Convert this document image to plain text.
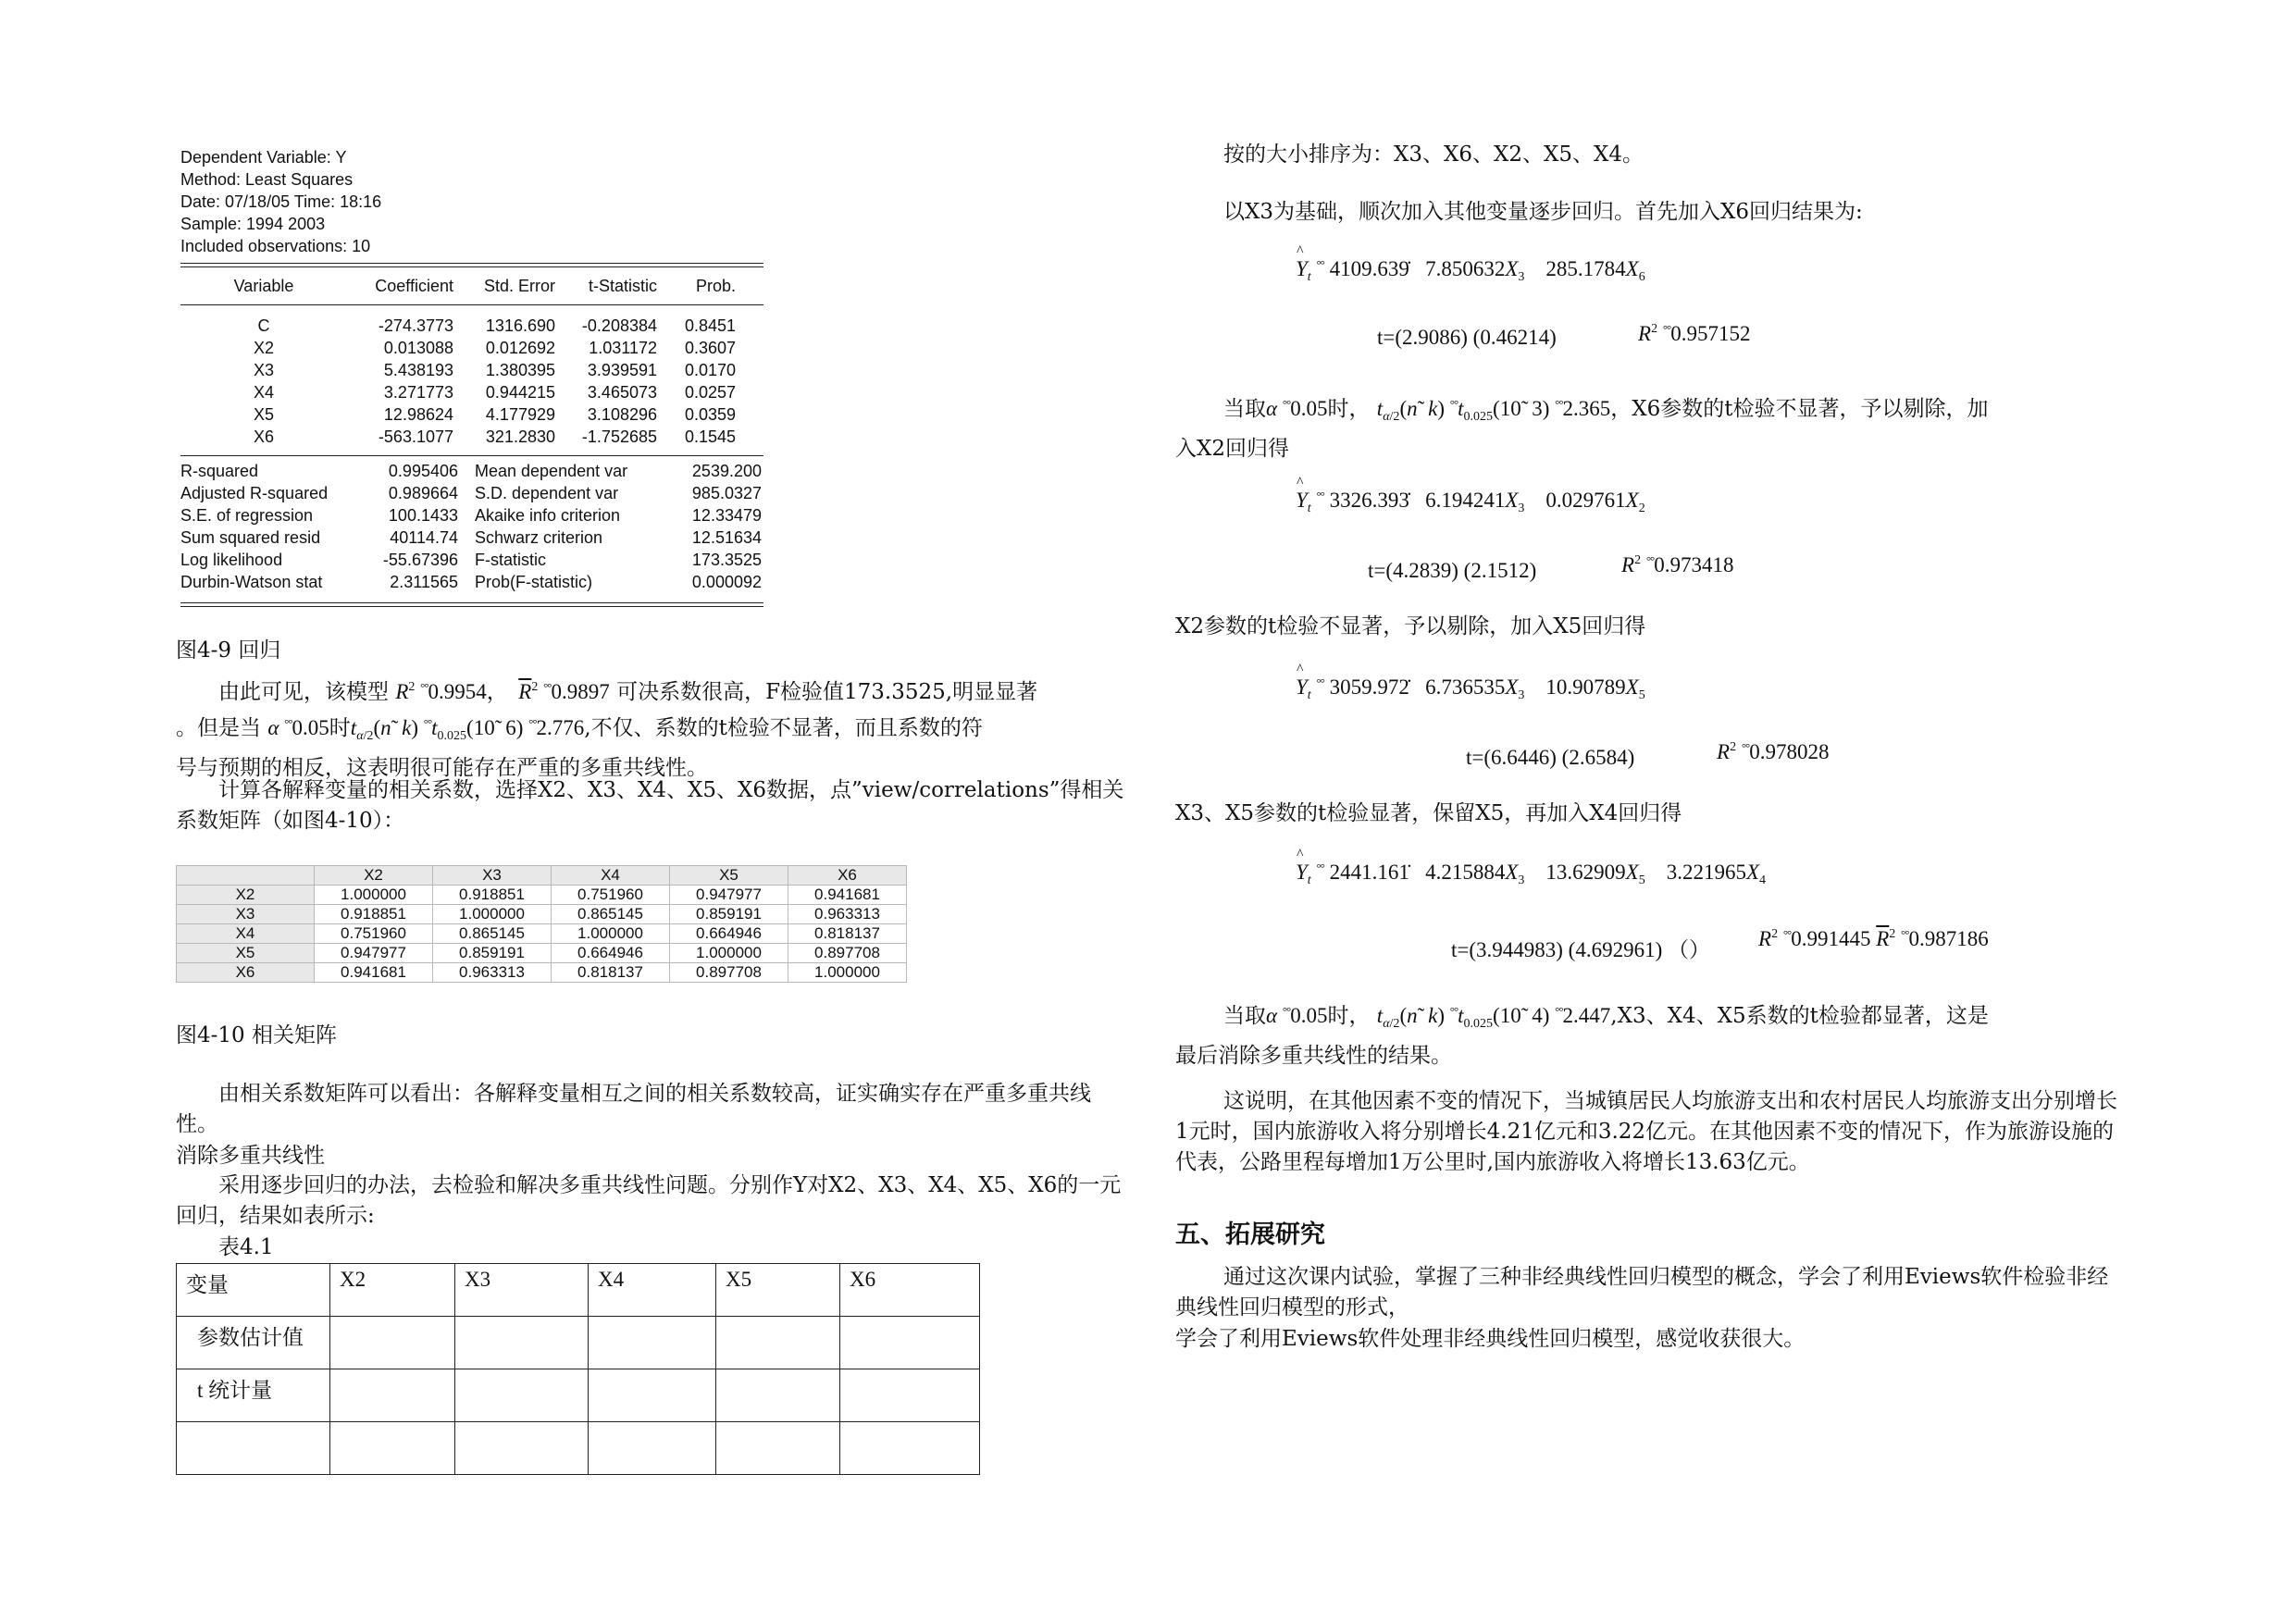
Dependent Variable: Y
Method: Least Squares
Date: 07/18/05 Time: 18:16
Sample: 1994 2003
Included observations: 10
Variable	Coefficient	Std. Error	t-Statistic	Prob.
C	-274.3773	1316.690	-0.208384	0.8451
X2	0.013088	0.012692	1.031172	0.3607
X3	5.438193	1.380395	3.939591	0.0170
X4	3.271773	0.944215	3.465073	0.0257
X5	12.98624	4.177929	3.108296	0.0359
X6	-563.1077	321.2830	-1.752685	0.1545
R-squared	0.995406	Mean dependent var	2539.200
Adjusted R-squared	0.989664	S.D. dependent var	985.0327
S.E. of regression	100.1433	Akaike info criterion	12.33479
Sum squared resid	40114.74	Schwarz criterion	12.51634
Log likelihood	-55.67396	F-statistic	173.3525
Durbin-Watson stat	2.311565	Prob(F-statistic)	0.000092
图4-9 回归
由此可见，该模型 $R^2$ °°0.9954， $\overline{R}^2$ °°0.9897 可决系数很高，F检验值173.3525,明显显著
。但是当 α °°0.05时$t_{\alpha/2}(ñ$  k) $^{^\circ^\circ}t_{0.025}(10̃$  6) °°2.776,不仅、系数的t检验不显著，而且系数的符
号与预期的相反，这表明很可能存在严重的多重共线性。
计算各解释变量的相关系数，选择X2、X3、X4、X5、X6数据，点”view/correlations”得相关系数矩阵（如图4-10）：
	X2	X3	X4	X5	X6
X2	1.000000	0.918851	0.751960	0.947977	0.941681
X3	0.918851	1.000000	0.865145	0.859191	0.963313
X4	0.751960	0.865145	1.000000	0.664946	0.818137
X5	0.947977	0.859191	0.664946	1.000000	0.897708
X6	0.941681	0.963313	0.818137	0.897708	1.000000
图4-10 相关矩阵
由相关系数矩阵可以看出：各解释变量相互之间的相关系数较高，证实确实存在严重多重共线性。
消除多重共线性
采用逐步回归的办法，去检验和解决多重共线性问题。分别作Y对X2、X3、X4、X5、X6的一元回归，结果如表所示:
表4.1
变量	X2	X3	X4	X5	X6
参数估计值					
t 统计量					

按的大小排序为：X3、X6、X2、X5、X4。
以X3为基础，顺次加入其他变量逐步回归。首先加入X6回归结果为:
^ $Y_t$ °° 4109.639̇   $7.850632X_3$ $285.1784X_6$
t=(2.9086) (0.46214)	$R^2$ °°0.957152
当取α °°0.05时， $t_{\alpha/2}(ñ$  k) $^{^\circ^\circ}t_{0.025}(10̃$  3) °°2.365，X6参数的t检验不显著，予以剔除，加
入X2回归得
^ $Y_t$ °° 3326.393̇   $6.194241X_3$ $0.029761X_2$
t=(4.2839) (2.1512)	$R^2$ °°0.973418
X2参数的t检验不显著，予以剔除，加入X5回归得
^ $Y_t$ °° 3059.972̇   $6.736535X_3$ $10.90789X_5$
t=(6.6446) (2.6584)	$R^2$ °°0.978028
X3、X5参数的t检验显著，保留X5，再加入X4回归得
^ $Y_t$ °° 2441.161̇   $4.215884X_3$ $13.62909X_5$ $3.221965X_4$
t=(3.944983) (4.692961) （） $R^2$ °°0.991445 $\overline{R}^2$ °°0.987186
当取α °°0.05时， $t_{\alpha/2}(ñ$  k) $^{^\circ^\circ}t_{0.025}(10̃$  4) °°2.447,X3、X4、X5系数的t检验都显著，这是
最后消除多重共线性的结果。
这说明，在其他因素不变的情况下，当城镇居民人均旅游支出和农村居民人均旅游支出分别增长1元时，国内旅游收入将分别增长4.21亿元和3.22亿元。在其他因素不变的情况下，作为旅游设施的代表，公路里程每增加1万公里时,国内旅游收入将增长13.63亿元。
五、拓展研究
通过这次课内试验，掌握了三种非经典线性回归模型的概念，学会了利用Eviews软件检验非经典线性回归模型的形式，
学会了利用Eviews软件处理非经典线性回归模型，感觉收获很大。
